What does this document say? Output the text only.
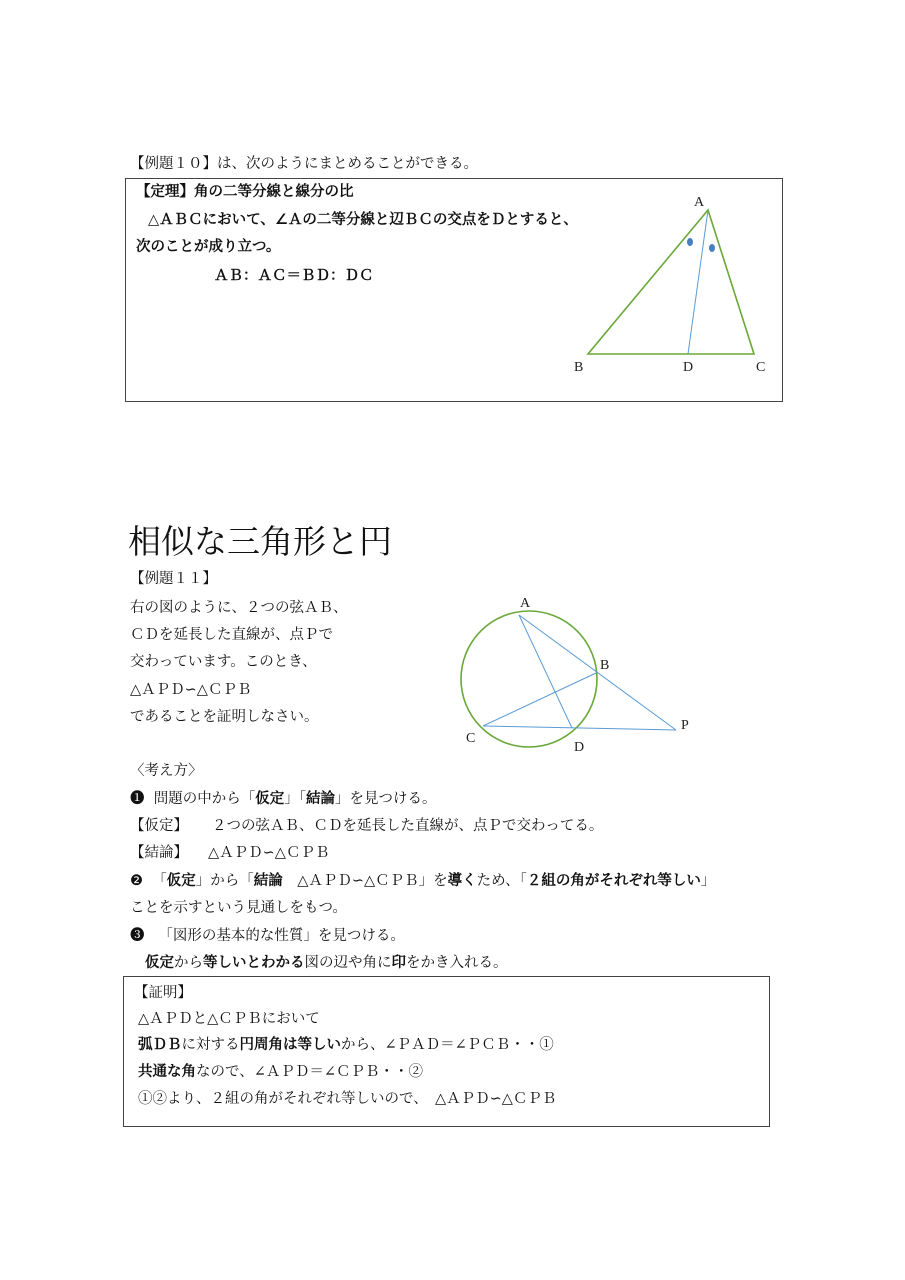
【例題１０】は、次のようにまとめることができる。
【定理】角の二等分線と線分の比
△ＡＢＣにおいて、∠Ａの二等分線と辺ＢＣの交点をＤとすると、
次のことが成り立つ。
ＡＢ：ＡＣ＝ＢＤ：ＤＣ
A
B	D	C
A
B
C
D
P
相似な三角形と円
【例題１１】
右の図のように、２つの弦ＡＢ、
ＣＤを延長した直線が、点Ｐで
交わっています。このとき、
△ＡＰＤ∽△ＣＰＢ
であることを証明しなさい。
〈考え方〉
❶ 問題の中から「仮定」「結論」を見つける。
【仮定】 ２つの弦ＡＢ、ＣＤを延長した直線が、点Ｐで交わってる。
【結論】 △ＡＰＤ∽△ＣＰＢ
❷ 「仮定」から「結論　△ＡＰＤ∽△ＣＰＢ」を導くため、「２組の角がそれぞれ等しい」
ことを示すという見通しをもつ。
❸ 「図形の基本的な性質」を見つける。
仮定から等しいとわかる図の辺や角に印をかき入れる。
【証明】
△ＡＰＤと△ＣＰＢにおいて
弧ＤＢに対する円周角は等しいから、∠ＰＡＤ＝∠ＰＣＢ・・①
共通な角なので、∠ＡＰＤ＝∠ＣＰＢ・・②
①②より、２組の角がそれぞれ等しいので、　△ＡＰＤ∽△ＣＰＢ
